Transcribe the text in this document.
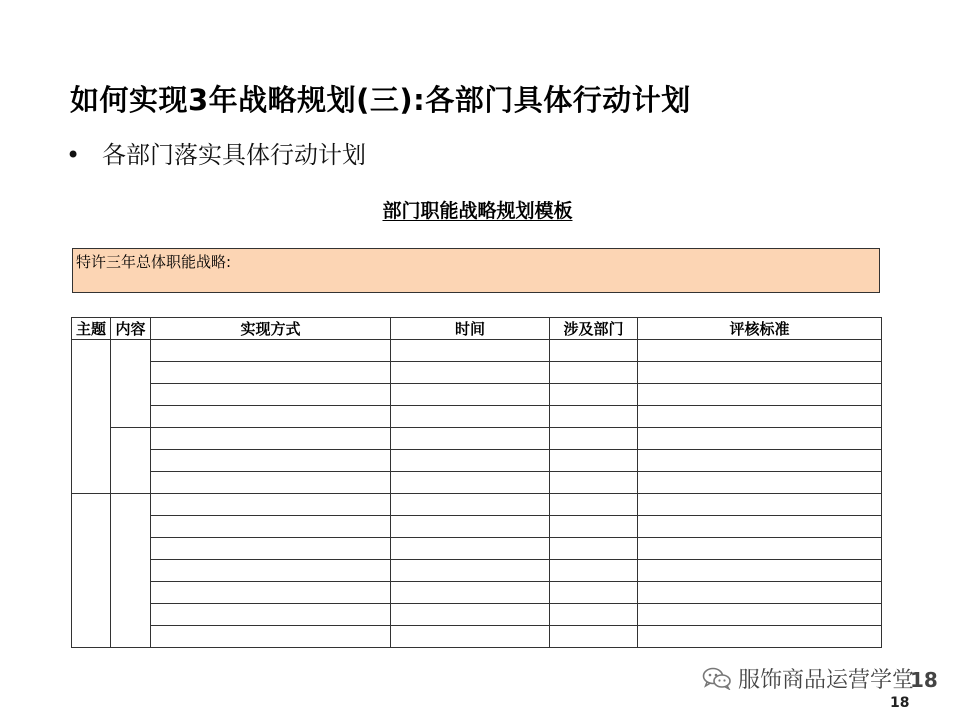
如何实现3年战略规划(三):各部门具体行动计划
• 各部门落实具体行动计划
部门职能战略规划模板
特许三年总体职能战略:
主题	内容	实现方式	时间	涉及部门	评核标准

18
服饰商品运营学堂
18
